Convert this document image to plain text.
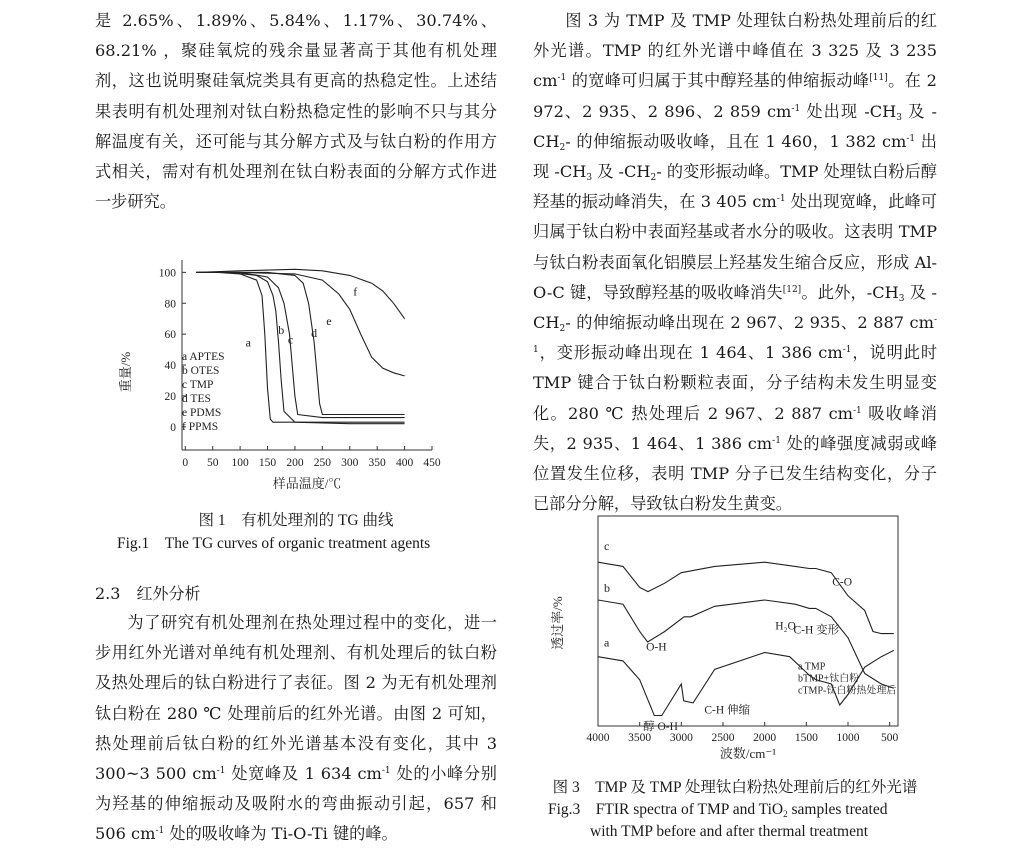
是 2.65%、1.89%、5.84%、1.17%、30.74%、68.21% ，聚硅氧烷的残余量显著高于其他有机处理剂，这也说明聚硅氧烷类具有更高的热稳定性。上述结果表明有机处理剂对钛白粉热稳定性的影响不只与其分解温度有关，还可能与其分解方式及与钛白粉的作用方式相关，需对有机处理剂在钛白粉表面的分解方式作进一步研究。

0
20
40
60
80
100
0 50 100 150 200 250 300 350 400 450
a
b
c d
e
f
a APTES
b OTES
c TMP
d TES
e PDMS
f PPMS
重量/%
样品温度/℃
图 1　有机处理剂的 TG 曲线
Fig.1　The TG curves of organic treatment agents
2.3　红外分析

为了研究有机处理剂在热处理过程中的变化，进一步用红外光谱对单纯有机处理剂、有机处理后的钛白粉及热处理后的钛白粉进行了表征。图 2 为无有机处理剂钛白粉在 280 ℃ 处理前后的红外光谱。由图 2 可知，热处理前后钛白粉的红外光谱基本没有变化，其中 3 300~3 500 $cm^{-1}$ 处宽峰及 1 634 $cm^{-1}$ 处的小峰分别为羟基的伸缩振动及吸附水的弯曲振动引起，657 和 506 $cm^{-1}$ 处的吸收峰为 Ti-O-Ti 键的峰。

图 3 为 TMP 及 TMP 处理钛白粉热处理前后的红外光谱。TMP 的红外光谱中峰值在 3 325 及 3 235 $cm^{-1}$ 的宽峰可归属于其中醇羟基的伸缩振动峰[11]。在 2 972、2 935、2 896、2 859 $cm^{-1}$ 处出现 $-CH_3$ 及 $-CH_2-$ 的伸缩振动吸收峰，且在 1 460，1 382 $cm^{-1}$ 出现 $-CH_3$ 及 $-CH_2-$ 的变形振动峰。TMP 处理钛白粉后醇羟基的振动峰消失，在 3 405 $cm^{-1}$ 处出现宽峰，此峰可归属于钛白粉中表面羟基或者水分的吸收。这表明 TMP 与钛白粉表面氧化铝膜层上羟基发生缩合反应，形成 Al-O-C 键，导致醇羟基的吸收峰消失[12]。此外，$-CH_3$ 及 $-CH_2-$ 的伸缩振动峰出现在 2 967、2 935、2 887 $cm^{-1}$，变形振动峰出现在 1 464、1 386 $cm^{-1}$，说明此时 TMP 键合于钛白粉颗粒表面，分子结构未发生明显变化。280 ℃ 热处理后 2 967、2 887 $cm^{-1}$ 吸收峰消失，2 935、1 464、1 386 $cm^{-1}$ 处的峰强度减弱或峰位置发生位移，表明 TMP 分子已发生结构变化，分子已部分分解，导致钛白粉发生黄变。

4000 3500 3000 2500 2000 1500 1000 500
a
b
c
O-H
醇 O-H
C-H 伸缩
H₂O
C-H 变形
C-O
a TMP
bTMP+钛白粉
cTMP-钛白粉热处理后
透过率/%
波数/cm⁻¹
图 3　TMP 及 TMP 处理钛白粉热处理前后的红外光谱
Fig.3　FTIR spectra of TMP and TiO$_2$ samples treated
with TMP before and after thermal treatment
